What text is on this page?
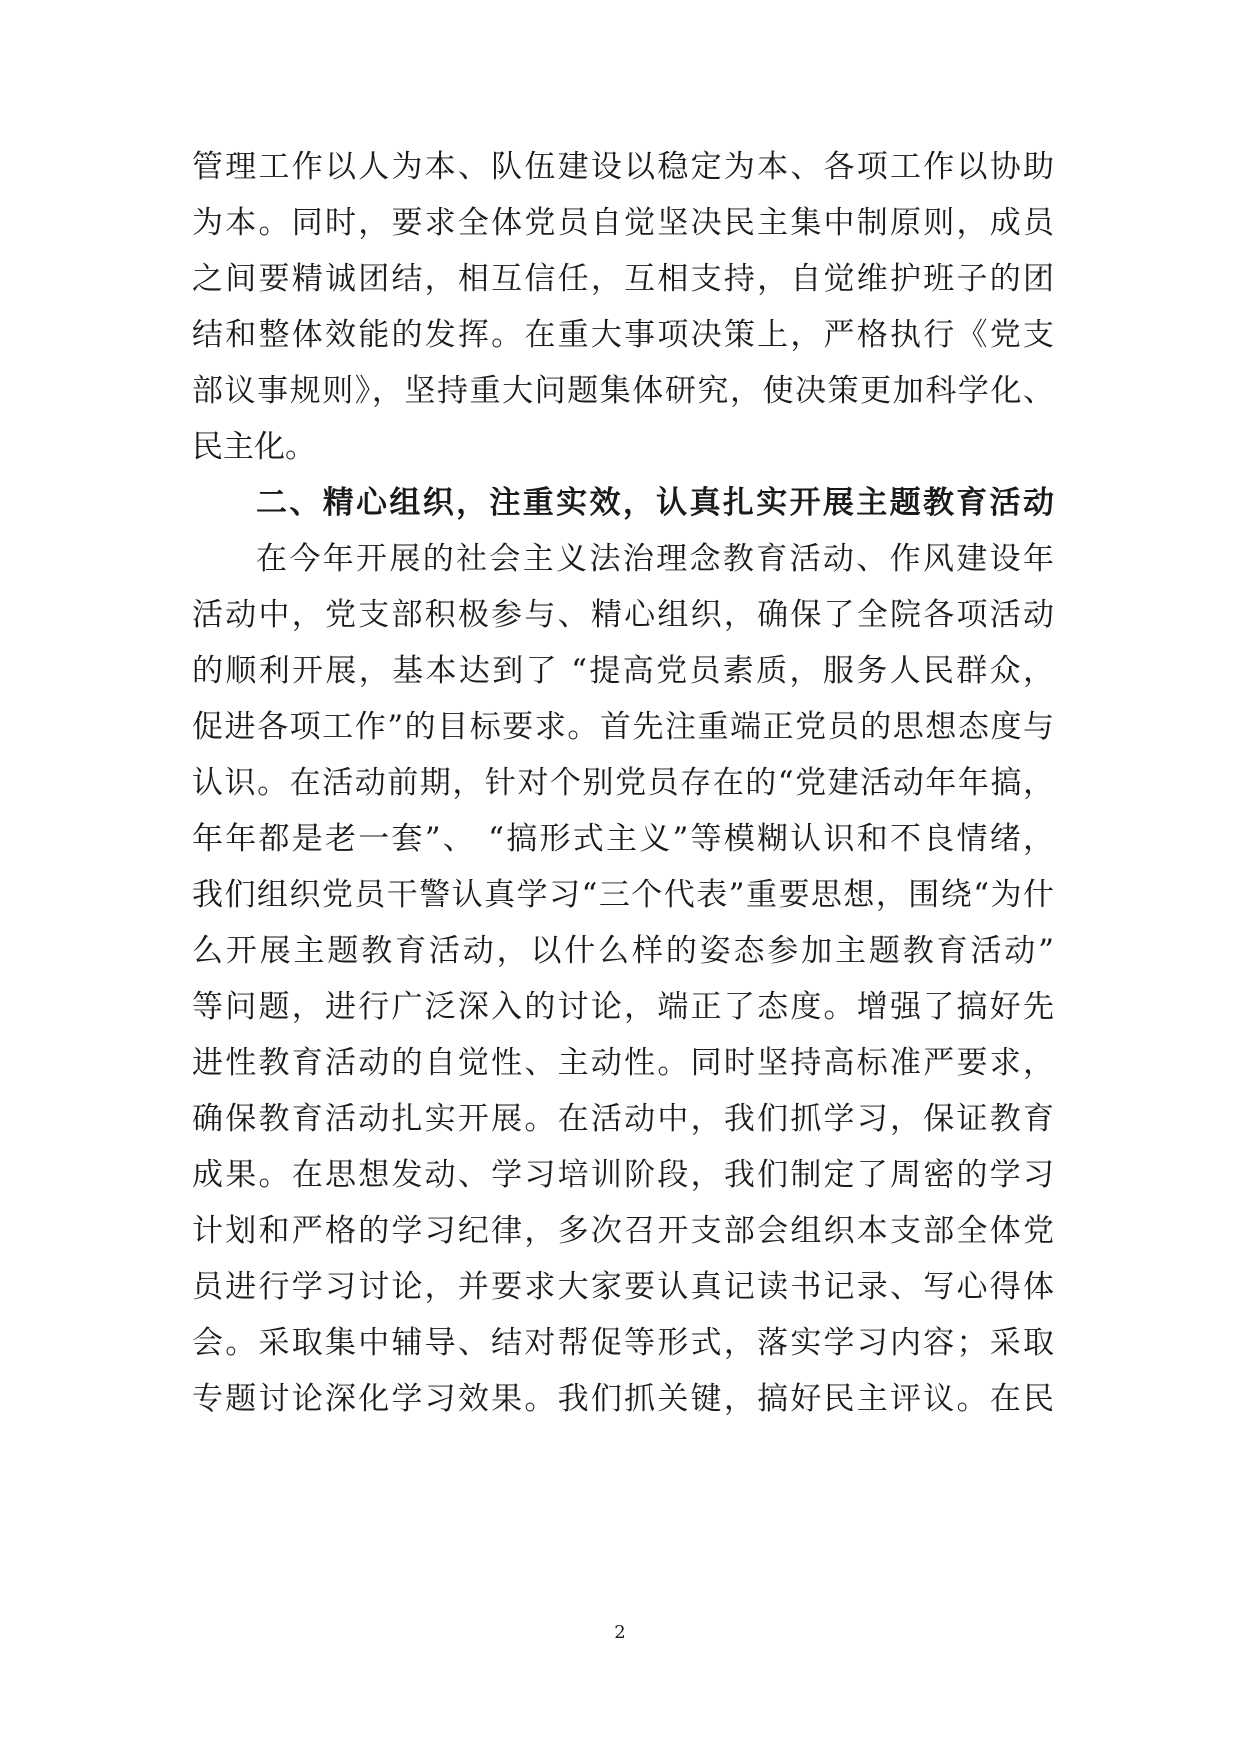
管理工作以人为本、队伍建设以稳定为本、各项工作以协助
为本。同时，要求全体党员自觉坚决民主集中制原则，成员
之间要精诚团结，相互信任，互相支持，自觉维护班子的团
结和整体效能的发挥。在重大事项决策上，严格执行《党支
部议事规则》，坚持重大问题集体研究，使决策更加科学化、
民主化。
二、精心组织，注重实效，认真扎实开展主题教育活动
在今年开展的社会主义法治理念教育活动、作风建设年
活动中，党支部积极参与、精心组织，确保了全院各项活动
的顺利开展，基本达到了 “提高党员素质，服务人民群众，
促进各项工作”的目标要求。首先注重端正党员的思想态度与
认识。在活动前期，针对个别党员存在的“党建活动年年搞，
年年都是老一套”、 “搞形式主义”等模糊认识和不良情绪，
我们组织党员干警认真学习“三个代表”重要思想，围绕“为什
么开展主题教育活动，以什么样的姿态参加主题教育活动”
等问题，进行广泛深入的讨论，端正了态度。增强了搞好先
进性教育活动的自觉性、主动性。同时坚持高标准严要求，
确保教育活动扎实开展。在活动中，我们抓学习，保证教育
成果。在思想发动、学习培训阶段，我们制定了周密的学习
计划和严格的学习纪律，多次召开支部会组织本支部全体党
员进行学习讨论，并要求大家要认真记读书记录、写心得体
会。采取集中辅导、结对帮促等形式，落实学习内容；采取
专题讨论深化学习效果。我们抓关键，搞好民主评议。在民
2
